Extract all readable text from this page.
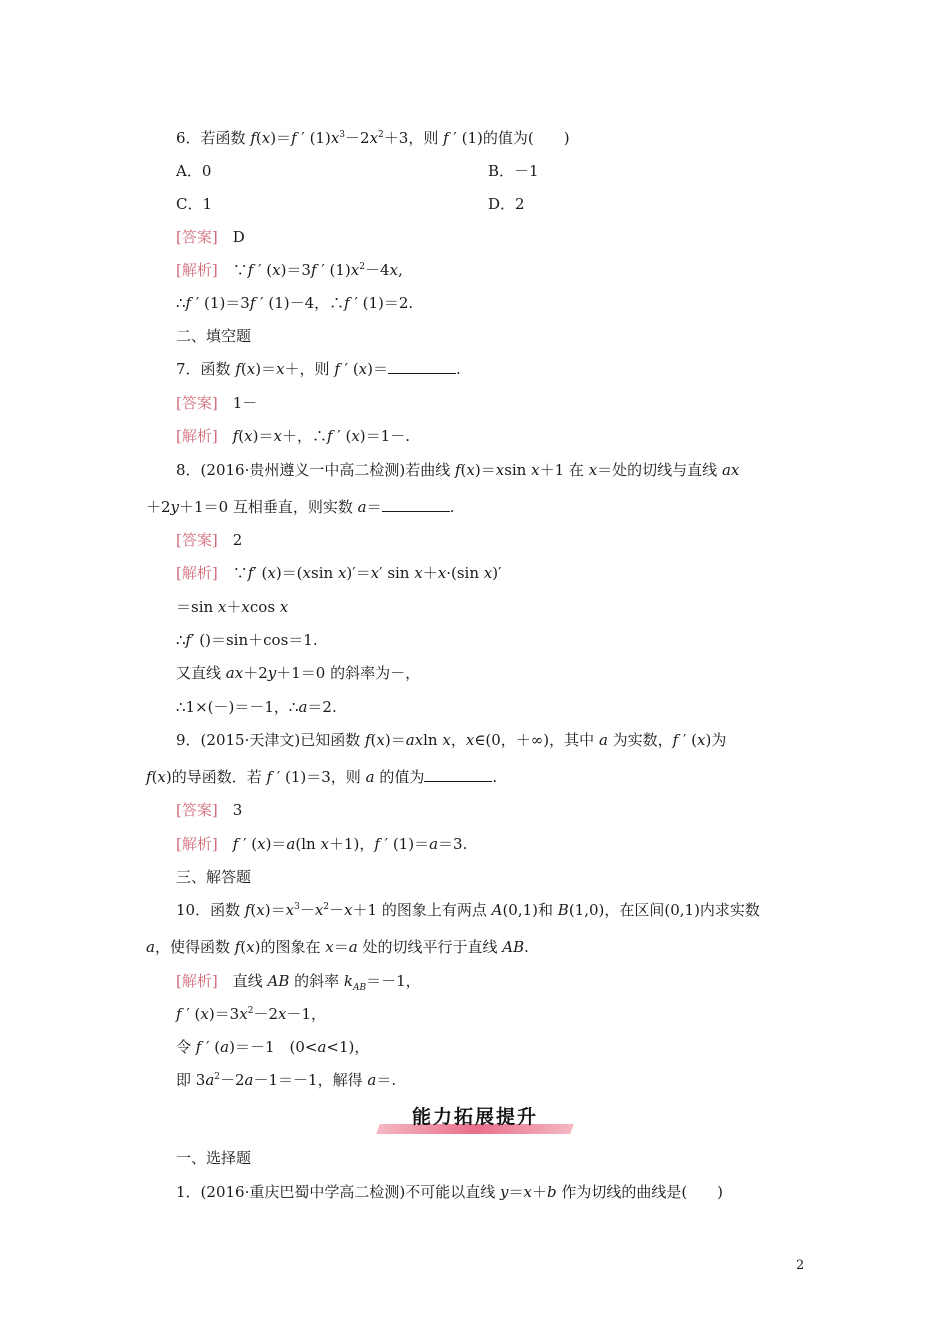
6．若函数 f(x)＝f ′ $(1)x^3-2x^2+3$，则 f ′ (1)的值为(　　)
A．0	B．－1
C．1	D．2
[答案]　 D
[解析]　 ∵f ′ (x)＝3f ′ $(1)x^2-4x$,
∴f ′ (1)＝3f ′ (1)－4，∴f ′ (1)＝2.
二、填空题
7．函数 f(x)＝x＋，则 f ′ (x)＝	.
[答案]　 1－
[解析]　 f(x)＝x＋，∴f ′ (x)＝1－.
8．(2016·贵州遵义一中高二检测)若曲线 f(x)＝xsin x＋1 在 x＝处的切线与直线 ax
＋2y＋1＝0 互相垂直，则实数 a＝	.
[答案]　 2
[解析]　 ∵f′ (x)＝(xsin x)′＝x′ sin x＋x·(sin x)′
＝sin x＋xcos x
∴f′ ()＝sin＋cos＝1.
又直线 ax＋2y＋1＝0 的斜率为－，
∴1×(－)＝－1，∴a＝2.
9．(2015·天津文)已知函数 f(x)＝axln x，x∈(0，＋∞)，其中 a 为实数，f ′ (x)为
f(x)的导函数．若 f ′ (1)＝3，则 a 的值为	.
[答案]　 3
[解析]　 f ′ (x)＝a(ln x＋1)，f ′ (1)＝a＝3.
三、解答题
10．函数 $f(x)=x^3-x^2-x+1$ 的图象上有两点 A(0,1)和 B(1,0)，在区间(0,1)内求实数
a，使得函数 f(x)的图象在 x＝a 处的切线平行于直线 AB.
[解析]　 直线 AB 的斜率 $k_{AB}=-1$，
f ′ $(x)=3x^2-2x-1$，
令 f ′ (a)＝－1　(0<a<1)，
即 $3a^2-2a-1=-1$，解得 a＝.
能力拓展提升
一、选择题
1．(2016·重庆巴蜀中学高二检测)不可能以直线 y＝x＋b 作为切线的曲线是(　　)
2
